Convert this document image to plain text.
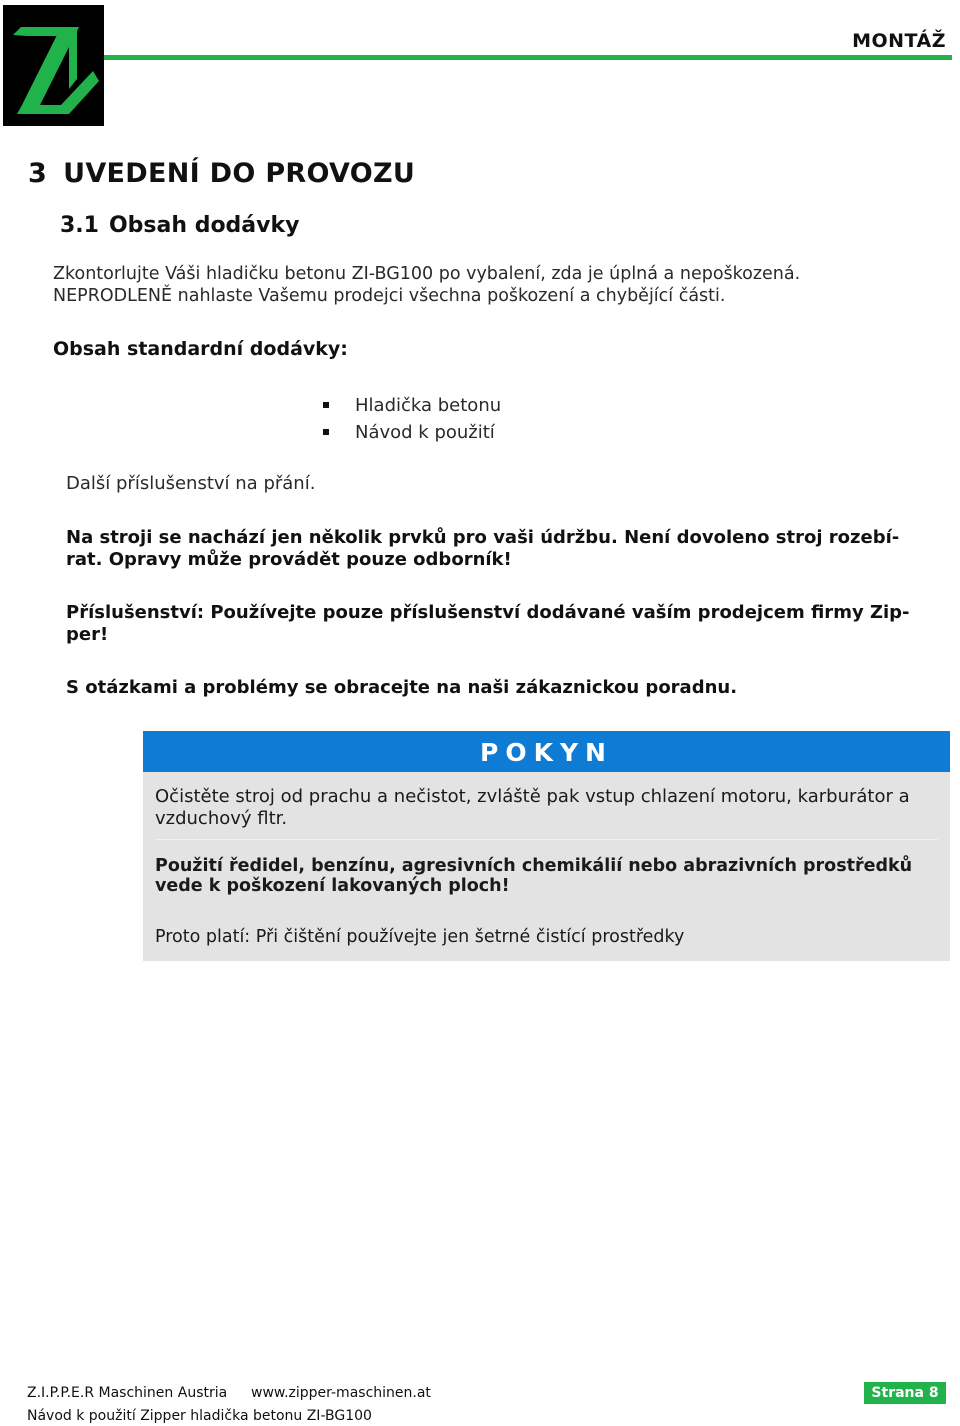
MONTÁŽ
3 UVEDENÍ DO PROVOZU
3.1 Obsah dodávky

Zkontorlujte Váši hladičku betonu ZI-BG100 po vybalení, zda je úplná a nepoškozená.

NEPRODLENĚ nahlaste Vašemu prodejci všechna poškození a chybějící části.

Obsah standardní dodávky:
Hladička betonu
Návod k použití
Další příslušenství na přání.

Na stroji se nachází jen několik prvků pro vaši údržbu. Není dovoleno stroj rozebí-rat. Opravy může provádět pouze odborník!

Příslušenství: Používejte pouze příslušenství dodávané vaším prodejcem firmy Zip-per!

S otázkami a problémy se obracejte na naši zákaznickou poradnu.

POKYN

Očistěte stroj od prachu a nečistot, zvláště pak vstup chlazení motoru, karburátor a vzduchový fltr.

Použití ředidel, benzínu, agresivních chemikálií nebo abrazivních prostředků vede k poškození lakovaných ploch!

Proto platí: Při čištění používejte jen šetrné čistící prostředky

Z.I.P.P.E.R Maschinen Austria www.zipper-maschinen.at
Návod k použití Zipper hladička betonu ZI-BG100
Strana 8
